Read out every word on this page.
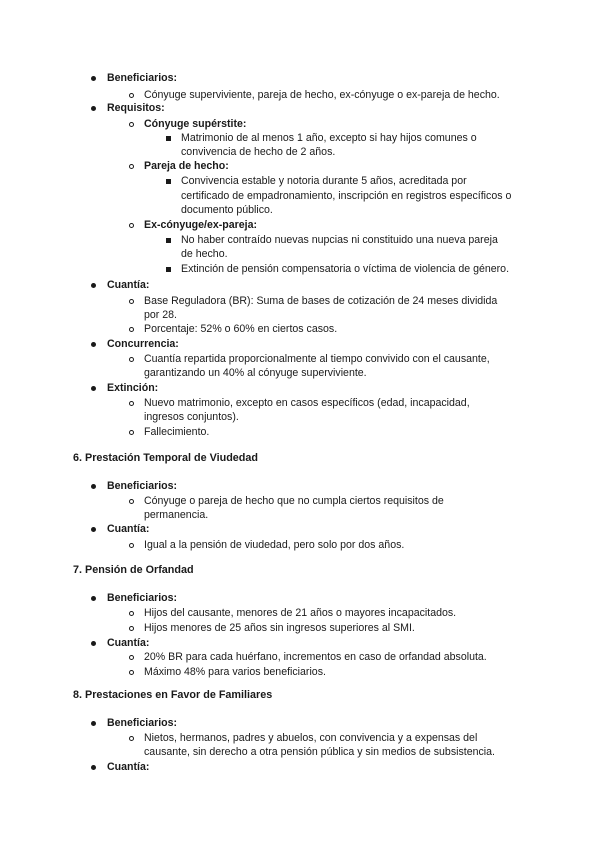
Beneficiarios:
Cónyuge superviviente, pareja de hecho, ex-cónyuge o ex-pareja de hecho.
Requisitos:
Cónyuge supérstite:
Matrimonio de al menos 1 año, excepto si hay hijos comunes o
convivencia de hecho de 2 años.
Pareja de hecho:
Convivencia estable y notoria durante 5 años, acreditada por
certificado de empadronamiento, inscripción en registros específicos o
documento público.
Ex-cónyuge/ex-pareja:
No haber contraído nuevas nupcias ni constituido una nueva pareja
de hecho.
Extinción de pensión compensatoria o víctima de violencia de género.
Cuantía:
Base Reguladora (BR): Suma de bases de cotización de 24 meses dividida
por 28.
Porcentaje: 52% o 60% en ciertos casos.
Concurrencia:
Cuantía repartida proporcionalmente al tiempo convivido con el causante,
garantizando un 40% al cónyuge superviviente.
Extinción:
Nuevo matrimonio, excepto en casos específicos (edad, incapacidad,
ingresos conjuntos).
Fallecimiento.
6. Prestación Temporal de Viudedad
Beneficiarios:
Cónyuge o pareja de hecho que no cumpla ciertos requisitos de
permanencia.
Cuantía:
Igual a la pensión de viudedad, pero solo por dos años.
7. Pensión de Orfandad
Beneficiarios:
Hijos del causante, menores de 21 años o mayores incapacitados.
Hijos menores de 25 años sin ingresos superiores al SMI.
Cuantía:
20% BR para cada huérfano, incrementos en caso de orfandad absoluta.
Máximo 48% para varios beneficiarios.
8. Prestaciones en Favor de Familiares
Beneficiarios:
Nietos, hermanos, padres y abuelos, con convivencia y a expensas del
causante, sin derecho a otra pensión pública y sin medios de subsistencia.
Cuantía:
